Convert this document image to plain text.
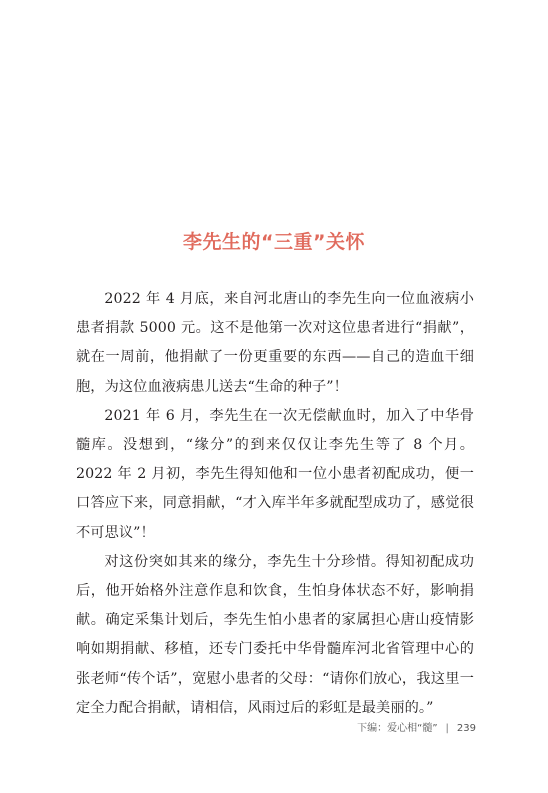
李先生的“三重”关怀

2022 年 4 月底，来自河北唐山的李先生向一位血液病小患者捐款 5000 元。这不是他第一次对这位患者进行“捐献”，就在一周前，他捐献了一份更重要的东西——自己的造血干细胞，为这位血液病患儿送去“生命的种子”！

2021 年 6 月，李先生在一次无偿献血时，加入了中华骨髓库。没想到，“缘分”的到来仅仅让李先生等了 8 个月。2022 年 2 月初，李先生得知他和一位小患者初配成功，便一口答应下来，同意捐献，“才入库半年多就配型成功了，感觉很不可思议”！

对这份突如其来的缘分，李先生十分珍惜。得知初配成功后，他开始格外注意作息和饮食，生怕身体状态不好，影响捐献。确定采集计划后，李先生怕小患者的家属担心唐山疫情影响如期捐献、移植，还专门委托中华骨髓库河北省管理中心的张老师“传个话”，宽慰小患者的父母：“请你们放心，我这里一定全力配合捐献，请相信，风雨过后的彩虹是最美丽的。”

下编：爱心相“髓” | 239
